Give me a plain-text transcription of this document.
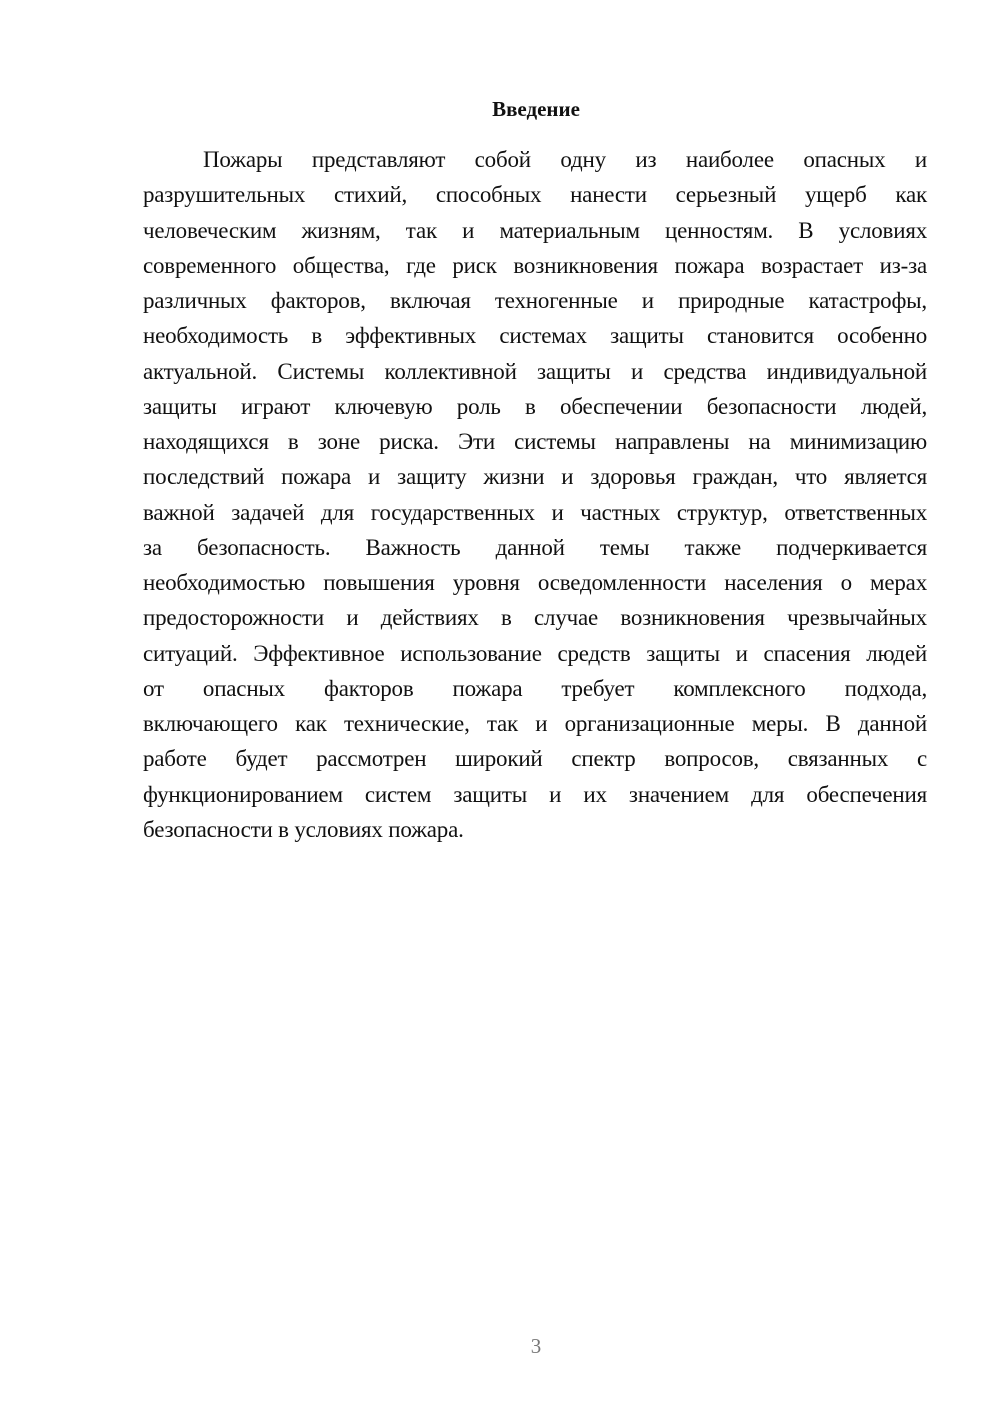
Введение
Пожары представляют собой одну из наиболее опасных и
разрушительных стихий, способных нанести серьезный ущерб как
человеческим жизням, так и материальным ценностям. В условиях
современного общества, где риск возникновения пожара возрастает из-за
различных факторов, включая техногенные и природные катастрофы,
необходимость в эффективных системах защиты становится особенно
актуальной. Системы коллективной защиты и средства индивидуальной
защиты играют ключевую роль в обеспечении безопасности людей,
находящихся в зоне риска. Эти системы направлены на минимизацию
последствий пожара и защиту жизни и здоровья граждан, что является
важной задачей для государственных и частных структур, ответственных
за безопасность. Важность данной темы также подчеркивается
необходимостью повышения уровня осведомленности населения о мерах
предосторожности и действиях в случае возникновения чрезвычайных
ситуаций. Эффективное использование средств защиты и спасения людей
от опасных факторов пожара требует комплексного подхода,
включающего как технические, так и организационные меры. В данной
работе будет рассмотрен широкий спектр вопросов, связанных с
функционированием систем защиты и их значением для обеспечения
безопасности в условиях пожара.
3
